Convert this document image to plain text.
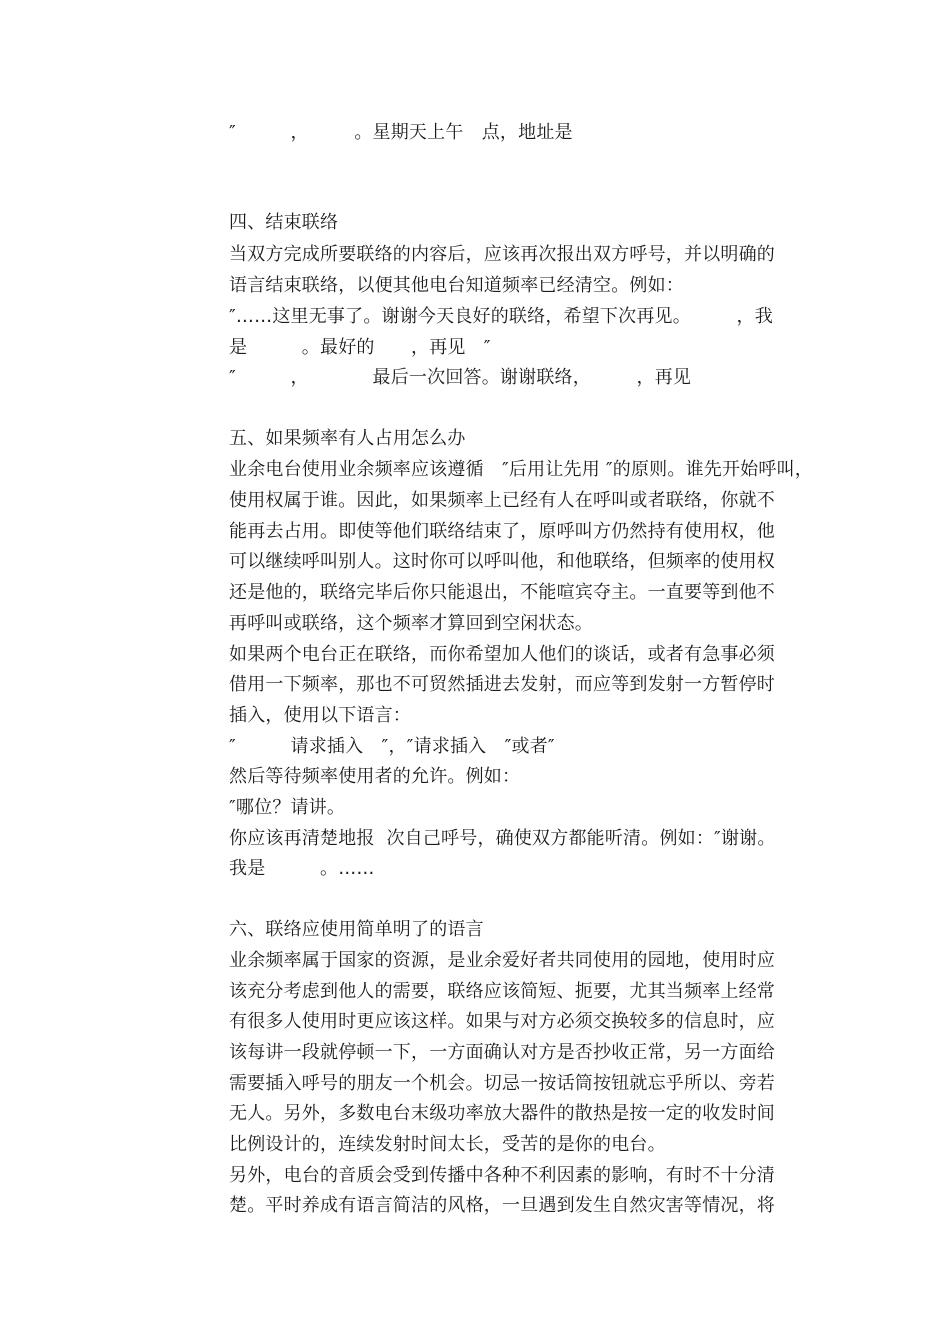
″　　　，　　　。星期天上午　点，地址是
四、结束联络
当双方完成所要联络的内容后，应该再次报出双方呼号，并以明确的
语言结束联络，以便其他电台知道频率已经清空。例如：
″……这里无事了。谢谢今天良好的联络，希望下次再见。　　　，我
是　　　。最好的　　，再见　″
″　　　，　　　　最后一次回答。谢谢联络，　　　，再见
五、如果频率有人占用怎么办
业余电台使用业余频率应该遵循　″后用让先用 ″的原则。谁先开始呼叫，
使用权属于谁。因此，如果频率上已经有人在呼叫或者联络，你就不
能再去占用。即使等他们联络结束了，原呼叫方仍然持有使用权，他
可以继续呼叫别人。这时你可以呼叫他，和他联络，但频率的使用权
还是他的，联络完毕后你只能退出，不能喧宾夺主。一直要等到他不
再呼叫或联络，这个频率才算回到空闲状态。
如果两个电台正在联络，而你希望加人他们的谈话，或者有急事必须
借用一下频率，那也不可贸然插进去发射，而应等到发射一方暂停时
插入，使用以下语言：
″　　　请求插入　″，″请求插入　″或者″
然后等待频率使用者的允许。例如：
″哪位？请讲。
你应该再清楚地报  次自己呼号，确使双方都能听清。例如：″谢谢。
我是　　　。……
六、联络应使用简单明了的语言
业余频率属于国家的资源，是业余爱好者共同使用的园地，使用时应
该充分考虑到他人的需要，联络应该简短、扼要，尤其当频率上经常
有很多人使用时更应该这样。如果与对方必须交换较多的信息时，应
该每讲一段就停顿一下，一方面确认对方是否抄收正常，另一方面给
需要插入呼号的朋友一个机会。切忌一按话筒按钮就忘乎所以、旁若
无人。另外，多数电台末级功率放大器件的散热是按一定的收发时间
比例设计的，连续发射时间太长，受苦的是你的电台。
另外，电台的音质会受到传播中各种不利因素的影响，有时不十分清
楚。平时养成有语言简洁的风格，一旦遇到发生自然灾害等情况，将
